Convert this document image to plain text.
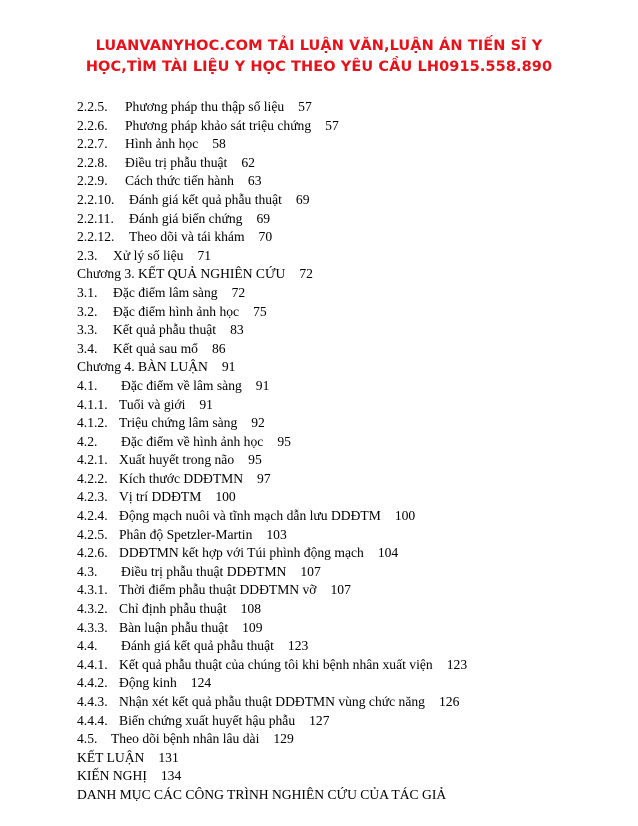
LUANVANYHOC.COM TẢI LUẬN VĂN,LUẬN ÁN TIẾN SĨ Y
HỌC,TÌM TÀI LIỆU Y HỌC THEO YÊU CẦU LH0915.558.890
2.2.5. Phương pháp thu thập số liệu 57
2.2.6. Phương pháp khảo sát triệu chứng 57
2.2.7. Hình ảnh học 58
2.2.8. Điều trị phẫu thuật 62
2.2.9. Cách thức tiến hành 63
2.2.10. Đánh giá kết quả phẫu thuật 69
2.2.11. Đánh giá biến chứng 69
2.2.12. Theo dõi và tái khám 70
2.3. Xử lý số liệu 71
Chương 3. KẾT QUẢ NGHIÊN CỨU 72
3.1. Đặc điểm lâm sàng 72
3.2. Đặc điểm hình ảnh học 75
3.3. Kết quả phẫu thuật 83
3.4. Kết quả sau mổ 86
Chương 4. BÀN LUẬN 91
4.1. Đặc điểm về lâm sàng 91
4.1.1. Tuổi và giới 91
4.1.2. Triệu chứng lâm sàng 92
4.2. Đặc điểm về hình ảnh học 95
4.2.1. Xuất huyết trong não 95
4.2.2. Kích thước DDĐTMN 97
4.2.3. Vị trí DDĐTM 100
4.2.4. Động mạch nuôi và tĩnh mạch dẫn lưu DDĐTM 100
4.2.5. Phân độ Spetzler-Martin 103
4.2.6. DDĐTMN kết hợp với Túi phình động mạch 104
4.3. Điều trị phẫu thuật DDĐTMN 107
4.3.1. Thời điểm phẫu thuật DDĐTMN vỡ 107
4.3.2. Chỉ định phẫu thuật 108
4.3.3. Bàn luận phẫu thuật 109
4.4. Đánh giá kết quả phẫu thuật 123
4.4.1. Kết quả phẫu thuật của chúng tôi khi bệnh nhân xuất viện 123
4.4.2. Động kinh 124
4.4.3. Nhận xét kết quả phẫu thuật DDĐTMN vùng chức năng 126
4.4.4. Biến chứng xuất huyết hậu phẫu 127
4.5. Theo dõi bệnh nhân lâu dài 129
KẾT LUẬN 131
KIẾN NGHỊ 134
DANH MỤC CÁC CÔNG TRÌNH NGHIÊN CỨU CỦA TÁC GIẢ
